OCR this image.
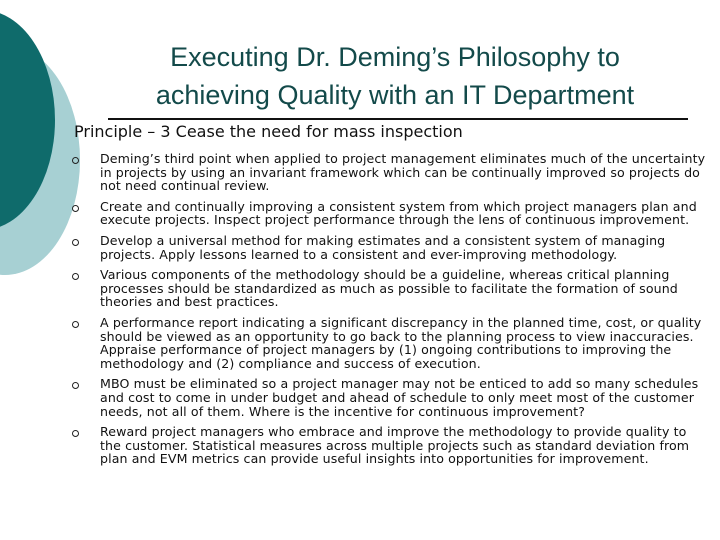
Executing Dr. Deming’s Philosophy to
achieving Quality with an IT Department
Principle – 3 Cease the need for mass inspection
Deming’s third point when applied to project management eliminates much of the uncertainty in projects by using an invariant framework which can be continually improved so projects do not need continual review.
Create and continually improving a consistent system from which project managers plan and execute projects. Inspect project performance through the lens of continuous improvement.
Develop a universal method for making estimates and a consistent system of managing projects. Apply lessons learned to a consistent and ever-improving methodology.
Various components of the methodology should be a guideline, whereas critical planning processes should be standardized as much as possible to facilitate the formation of sound theories and best practices.
A performance report indicating a significant discrepancy in the planned time, cost, or quality should be viewed as an opportunity to go back to the planning process to view inaccuracies. Appraise performance of project managers by (1) ongoing contributions to improving the methodology and (2) compliance and success of execution.
MBO must be eliminated so a project manager may not be enticed to add so many schedules and cost to come in under budget and ahead of schedule to only meet most of the customer needs, not all of them. Where is the incentive for continuous improvement?
Reward project managers who embrace and improve the methodology to provide quality to the customer. Statistical measures across multiple projects such as standard deviation from plan and EVM metrics can provide useful insights into opportunities for improvement.
